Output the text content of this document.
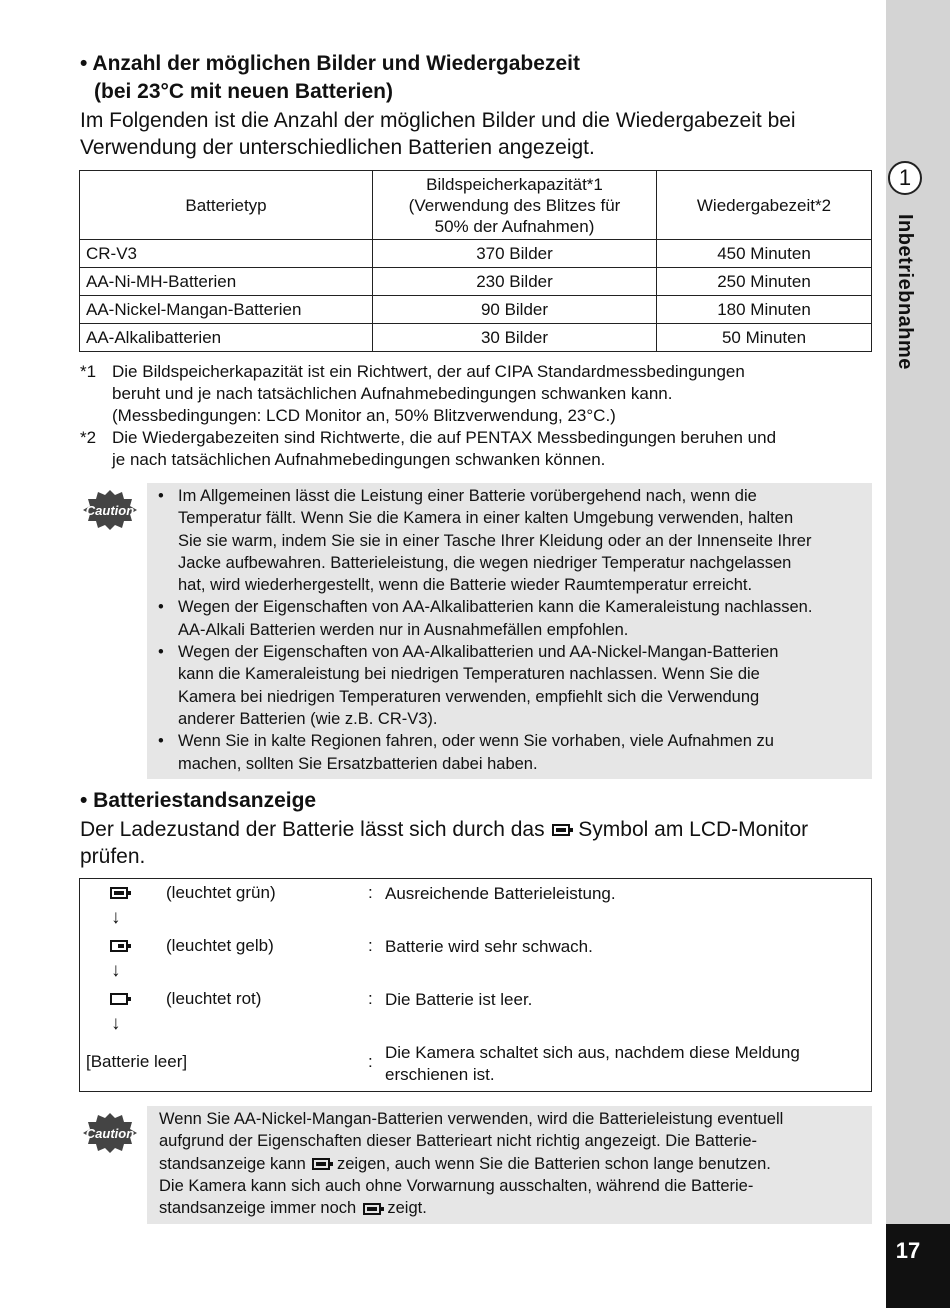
1
Inbetriebnahme
17
• Anzahl der möglichen Bilder und Wiedergabezeit
(bei 23°C mit neuen Batterien)
Im Folgenden ist die Anzahl der möglichen Bilder und die Wiedergabezeit bei
Verwendung der unterschiedlichen Batterien angezeigt.
Batterietyp	Bildspeicherkapazität*1
(Verwendung des Blitzes für
50% der Aufnahmen)	Wiedergabezeit*2
CR-V3	370 Bilder	450 Minuten
AA-Ni-MH-Batterien	230 Bilder	250 Minuten
AA-Nickel-Mangan-Batterien	90 Bilder	180 Minuten
AA-Alkalibatterien	30 Bilder	50 Minuten
*1 Die Bildspeicherkapazität ist ein Richtwert, der auf CIPA Standardmessbedingungen
beruht und je nach tatsächlichen Aufnahmebedingungen schwanken kann.
(Messbedingungen: LCD Monitor an, 50% Blitzverwendung, 23°C.)
*2 Die Wiedergabezeiten sind Richtwerte, die auf PENTAX Messbedingungen beruhen und
je nach tatsächlichen Aufnahmebedingungen schwanken können.
Caution
• Im Allgemeinen lässt die Leistung einer Batterie vorübergehend nach, wenn die
Temperatur fällt. Wenn Sie die Kamera in einer kalten Umgebung verwenden, halten
Sie sie warm, indem Sie sie in einer Tasche Ihrer Kleidung oder an der Innenseite Ihrer
Jacke aufbewahren. Batterieleistung, die wegen niedriger Temperatur nachgelassen
hat, wird wiederhergestellt, wenn die Batterie wieder Raumtemperatur erreicht.
• Wegen der Eigenschaften von AA-Alkalibatterien kann die Kameraleistung nachlassen.
AA-Alkali Batterien werden nur in Ausnahmefällen empfohlen.
• Wegen der Eigenschaften von AA-Alkalibatterien und AA-Nickel-Mangan-Batterien
kann die Kameraleistung bei niedrigen Temperaturen nachlassen. Wenn Sie die
Kamera bei niedrigen Temperaturen verwenden, empfiehlt sich die Verwendung
anderer Batterien (wie z.B. CR-V3).
• Wenn Sie in kalte Regionen fahren, oder wenn Sie vorhaben, viele Aufnahmen zu
machen, sollten Sie Ersatzbatterien dabei haben.
• Batteriestandsanzeige
Der Ladezustand der Batterie lässt sich durch das Symbol am LCD-Monitor
prüfen.
(leuchtet grün)	: Ausreichende Batterieleistung.
↓
(leuchtet gelb)	: Batterie wird sehr schwach.
↓
(leuchtet rot)	: Die Batterie ist leer.
↓
[Batterie leer]	: Die Kamera schaltet sich aus, nachdem diese Meldung
erschienen ist.
Caution
Wenn Sie AA-Nickel-Mangan-Batterien verwenden, wird die Batterieleistung eventuell
aufgrund der Eigenschaften dieser Batterieart nicht richtig angezeigt. Die Batterie-
standsanzeige kann zeigen, auch wenn Sie die Batterien schon lange benutzen.
Die Kamera kann sich auch ohne Vorwarnung ausschalten, während die Batterie-
standsanzeige immer noch zeigt.
